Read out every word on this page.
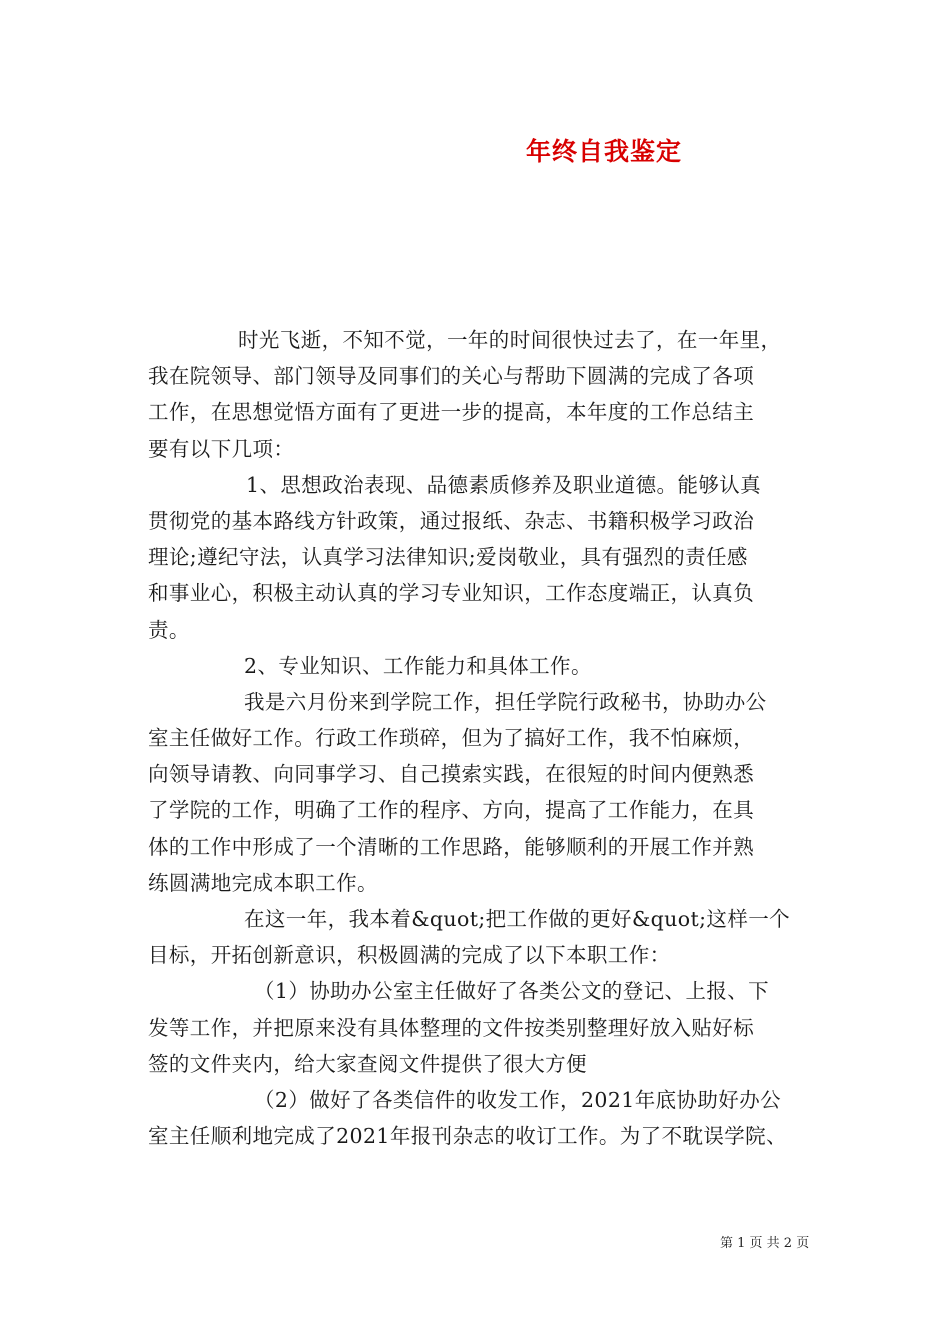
年终自我鉴定
时光飞逝，不知不觉，一年的时间很快过去了，在一年里，
我在院领导、部门领导及同事们的关心与帮助下圆满的完成了各项
工作，在思想觉悟方面有了更进一步的提高，本年度的工作总结主
要有以下几项：
1、思想政治表现、品德素质修养及职业道德。能够认真
贯彻党的基本路线方针政策，通过报纸、杂志、书籍积极学习政治
理论;遵纪守法，认真学习法律知识;爱岗敬业，具有强烈的责任感
和事业心，积极主动认真的学习专业知识，工作态度端正，认真负
责。
2、专业知识、工作能力和具体工作。
我是六月份来到学院工作，担任学院行政秘书，协助办公
室主任做好工作。行政工作琐碎，但为了搞好工作，我不怕麻烦，
向领导请教、向同事学习、自己摸索实践，在很短的时间内便熟悉
了学院的工作，明确了工作的程序、方向，提高了工作能力，在具
体的工作中形成了一个清晰的工作思路，能够顺利的开展工作并熟
练圆满地完成本职工作。
在这一年，我本着&quot;把工作做的更好&quot;这样一个
目标，开拓创新意识，积极圆满的完成了以下本职工作：
（1）协助办公室主任做好了各类公文的登记、上报、下
发等工作，并把原来没有具体整理的文件按类别整理好放入贴好标
签的文件夹内，给大家查阅文件提供了很大方便
（2）做好了各类信件的收发工作，2021年底协助好办公
室主任顺利地完成了2021年报刊杂志的收订工作。为了不耽误学院、
第 1 页 共 2 页
